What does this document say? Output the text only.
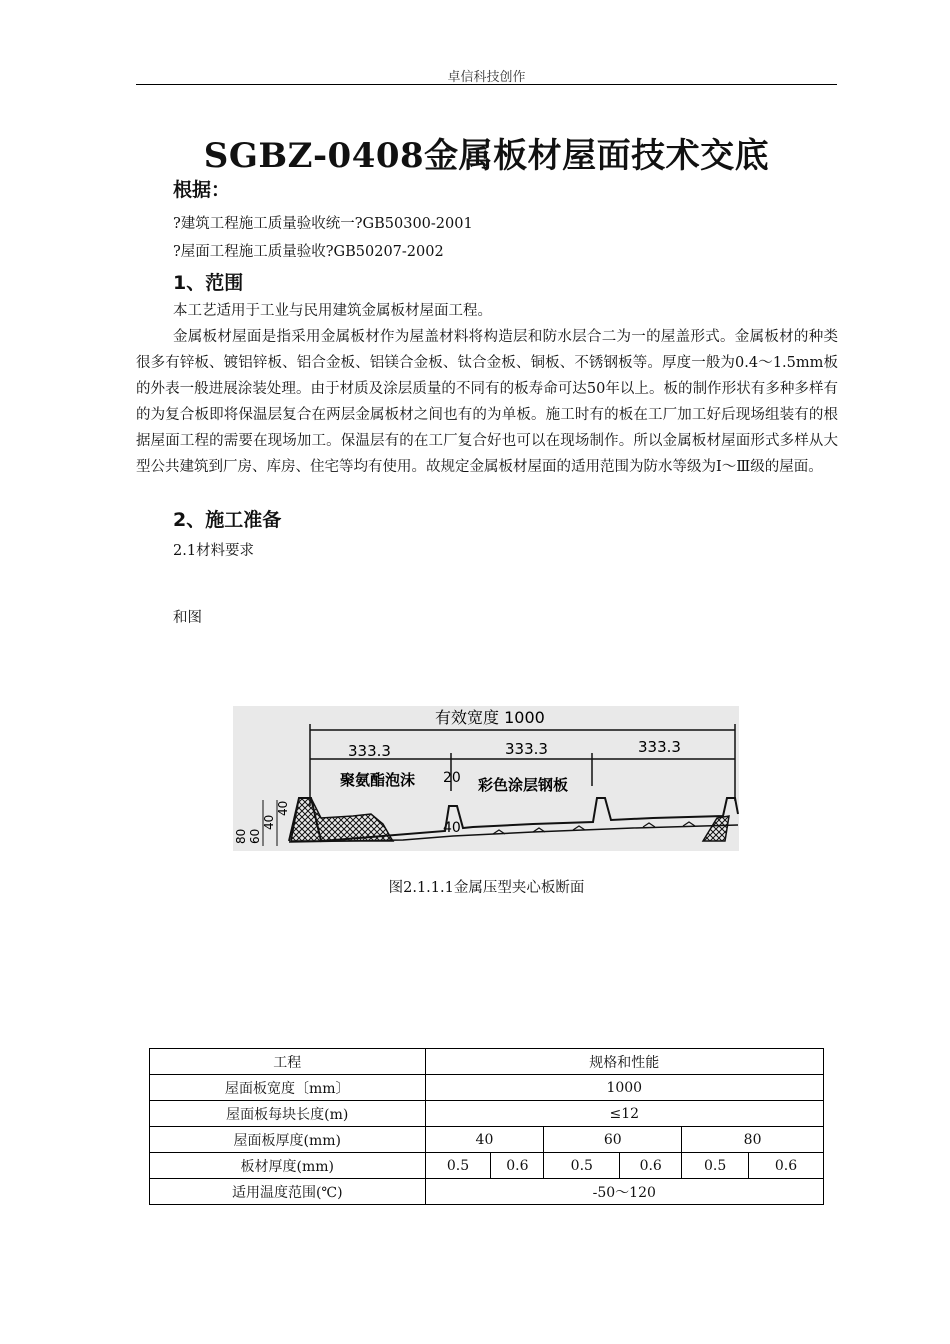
卓信科技创作
SGBZ-0408金属板材屋面技术交底
根据：
?建筑工程施工质量验收统一?GB50300-2001
?屋面工程施工质量验收?GB50207-2002
1、范围
本工艺适用于工业与民用建筑金属板材屋面工程。
金属板材屋面是指采用金属板材作为屋盖材料将构造层和防水层合二为一的屋盖形式。金属板材的种类很多有锌板、镀铝锌板、铝合金板、铝镁合金板、钛合金板、铜板、不锈钢板等。厚度一般为0.4～1.5mm板的外表一般进展涂装处理。由于材质及涂层质量的不同有的板寿命可达50年以上。板的制作形状有多种多样有的为复合板即将保温层复合在两层金属板材之间也有的为单板。施工时有的板在工厂加工好后现场组装有的根据屋面工程的需要在现场加工。保温层有的在工厂复合好也可以在现场制作。所以金属板材屋面形式多样从大型公共建筑到厂房、库房、住宅等均有使用。故规定金属板材屋面的适用范围为防水等级为Ⅰ～Ⅲ级的屋面。
2、施工准备
2.1材料要求
和图
有效宽度 1000
333.3	333.3	333.3
20
40
聚氨酯泡沫	彩色涂层钢板
80 60
40
40
图2.1.1.1金属压型夹心板断面
工程	规格和性能					
屋面板宽度〔mm〕	1000					
屋面板每块长度(m)	≤12					
屋面板厚度(mm)	40		60		80	
板材厚度(mm)	0.5	0.6	0.5	0.6	0.5	0.6
适用温度范围(℃)	-50～120					
